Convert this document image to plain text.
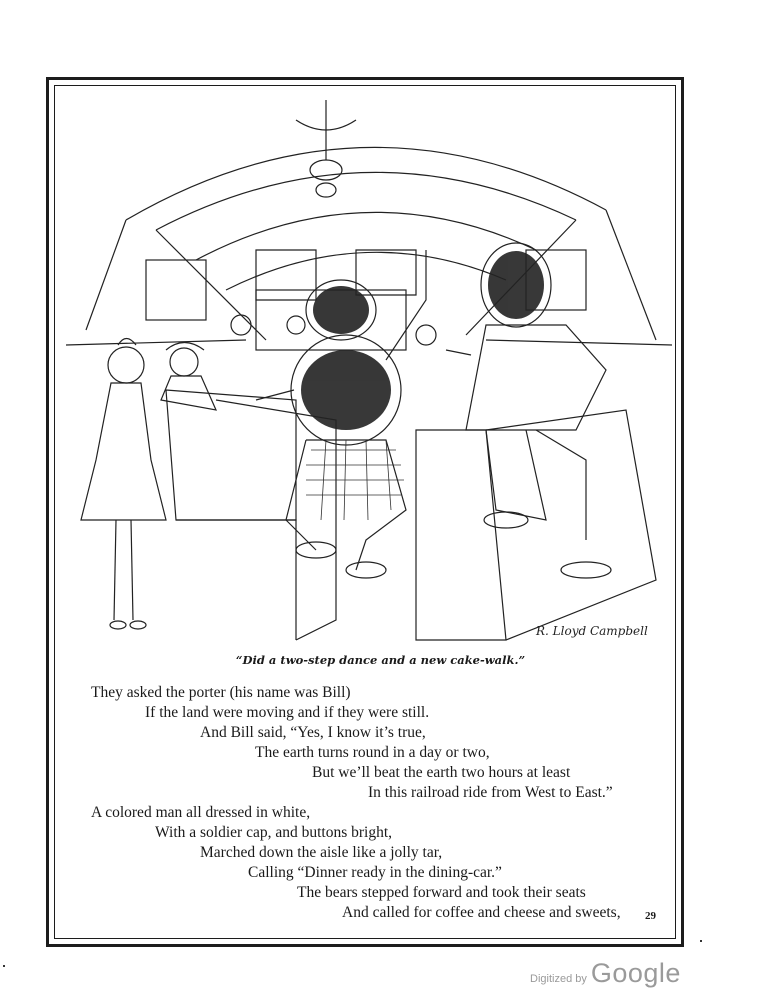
R. Lloyd Campbell
“Did a two-step dance and a new cake-walk.”
They asked the porter (his name was Bill)
If the land were moving and if they were still.
And Bill said, “Yes, I know it’s true,
The earth turns round in a day or two,
But we’ll beat the earth two hours at least
In this railroad ride from West to East.”
A colored man all dressed in white,
With a soldier cap, and buttons bright,
Marched down the aisle like a jolly tar,
Calling “Dinner ready in the dining-car.”
The bears stepped forward and took their seats
And called for coffee and cheese and sweets, 29
Digitized by Google
